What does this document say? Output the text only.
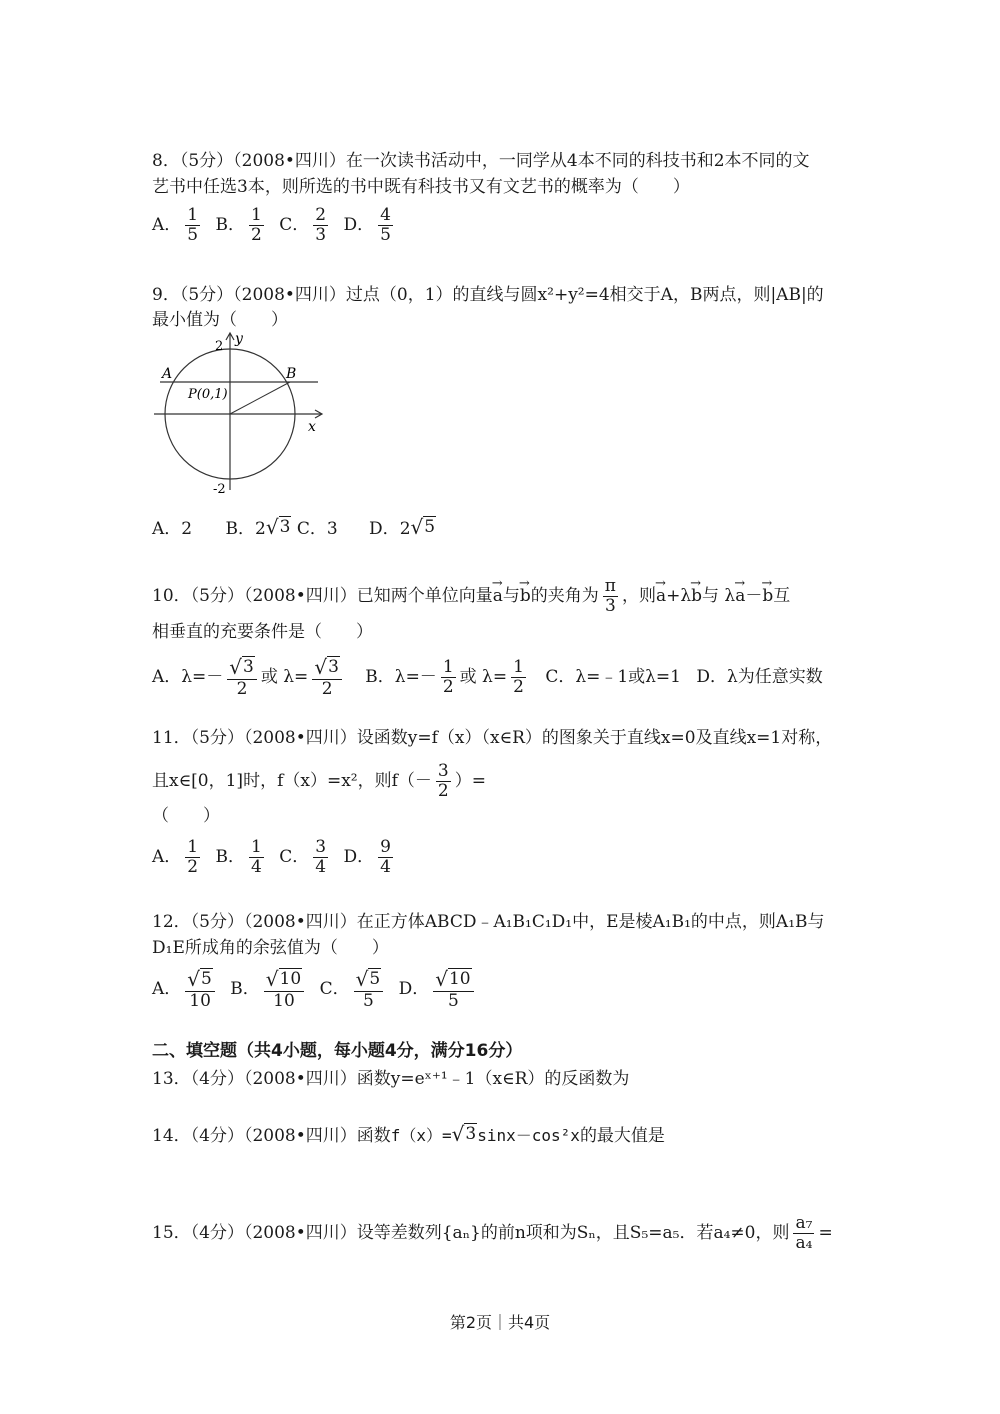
8．（5分）（2008•四川）在一次读书活动中，一同学从4本不同的科技书和2本不同的文
艺书中任选3本，则所选的书中既有科技书又有文艺书的概率为（　　）
A． $\frac{1}{5}$ B． $\frac{1}{2}$ C． $\frac{2}{3}$ D． $\frac{4}{5}$
9．（5分）（2008•四川）过点（0，1）的直线与圆x²+y²=4相交于A，B两点，则|AB|的
最小值为（　　）
y
x
2
-2
A	B
P(0,1)
A．2 B．2 √ 3 C．3 D．2 √ 5
10．（5分）（2008•四川）已知两个单位向量→ a与→ b的夹角为 $\frac{\pi}{3}$ ，则→ a+λ→ b与 λ→ a－→ b互
相垂直的充要条件是（　　）
A．$\lambda=- \frac{√ 3}{2}$ 或 $\lambda= \frac{√ 3}{2}$ B．$\lambda=- \frac{1}{2}$ 或 $\lambda= \frac{1}{2}$ C．λ=﹣1或λ=1 D．λ为任意实数
11．（5分）（2008•四川）设函数y=f（x）（x∈R）的图象关于直线x=0及直线x=1对称，
且x∈[0，1]时，f（x）=x²，则$f(- \frac{3}{2}$ ）=
（　　）
A． $\frac{1}{2}$ B． $\frac{1}{4}$ C． $\frac{3}{4}$ D． $\frac{9}{4}$
12．（5分）（2008•四川）在正方体ABCD﹣A₁B₁C₁D₁中，E是棱A₁B₁的中点，则A₁B与
D₁E所成角的余弦值为（　　）
A． $\frac{√ 5}{10}$ B． $\frac{√ 10}{10}$ C． $\frac{√ 5}{5}$ D． $\frac{√ 10}{5}$
二、填空题（共4小题，每小题4分，满分16分）
13．（4分）（2008•四川）函数y=eˣ⁺¹﹣1（x∈R）的反函数为
14．（4分）（2008•四川）函数f（x）= √ 3 sinx－cos²x的最大值是
15．（4分）（2008•四川）设等差数列{aₙ}的前n项和为Sₙ，且S₅=a₅．若a₄≠0，则 $\frac{\text{a₇}}{\text{a₄}}$ =
第2页｜共4页
